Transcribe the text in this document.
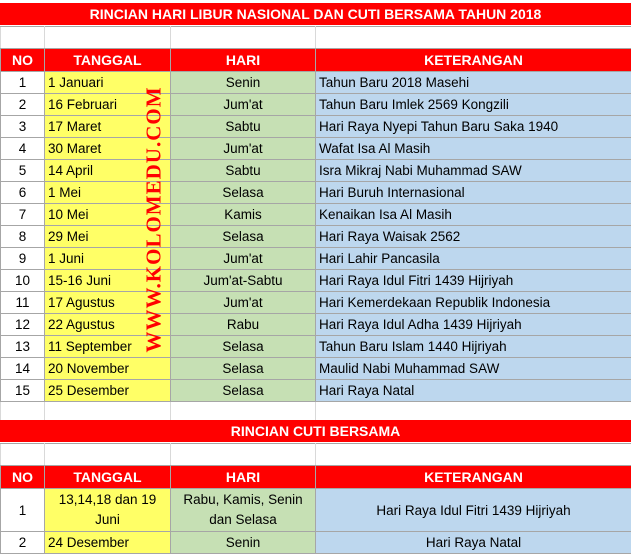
RINCIAN HARI LIBUR NASIONAL DAN CUTI BERSAMA TAHUN 2018

NO	TANGGAL	HARI	KETERANGAN
1	1 Januari	Senin	Tahun Baru 2018 Masehi
2	16 Februari	Jum'at	Tahun Baru Imlek 2569 Kongzili
3	17 Maret	Sabtu	Hari Raya Nyepi Tahun Baru Saka 1940
4	30 Maret	Jum'at	Wafat Isa Al Masih
5	14 April	Sabtu	Isra Mikraj Nabi Muhammad SAW
6	1 Mei	Selasa	Hari Buruh Internasional
7	10 Mei	Kamis	Kenaikan Isa Al Masih
8	29 Mei	Selasa	Hari Raya Waisak 2562
9	1 Juni	Jum'at	Hari Lahir Pancasila
10	15-16 Juni	Jum'at-Sabtu	Hari Raya Idul Fitri 1439 Hijriyah
11	17 Agustus	Jum'at	Hari Kemerdekaan Republik Indonesia
12	22 Agustus	Rabu	Hari Raya Idul Adha 1439 Hijriyah
13	11 September	Selasa	Tahun Baru Islam 1440 Hijriyah
14	20 November	Selasa	Maulid Nabi Muhammad SAW
15	25 Desember	Selasa	Hari Raya Natal

WWW.KOLOMEDU.COM
RINCIAN CUTI BERSAMA

NO	TANGGAL	HARI	KETERANGAN
1	13,14,18 dan 19 Juni	Rabu, Kamis, Senin dan Selasa	Hari Raya Idul Fitri 1439 Hijriyah
2	24 Desember	Senin	Hari Raya Natal
